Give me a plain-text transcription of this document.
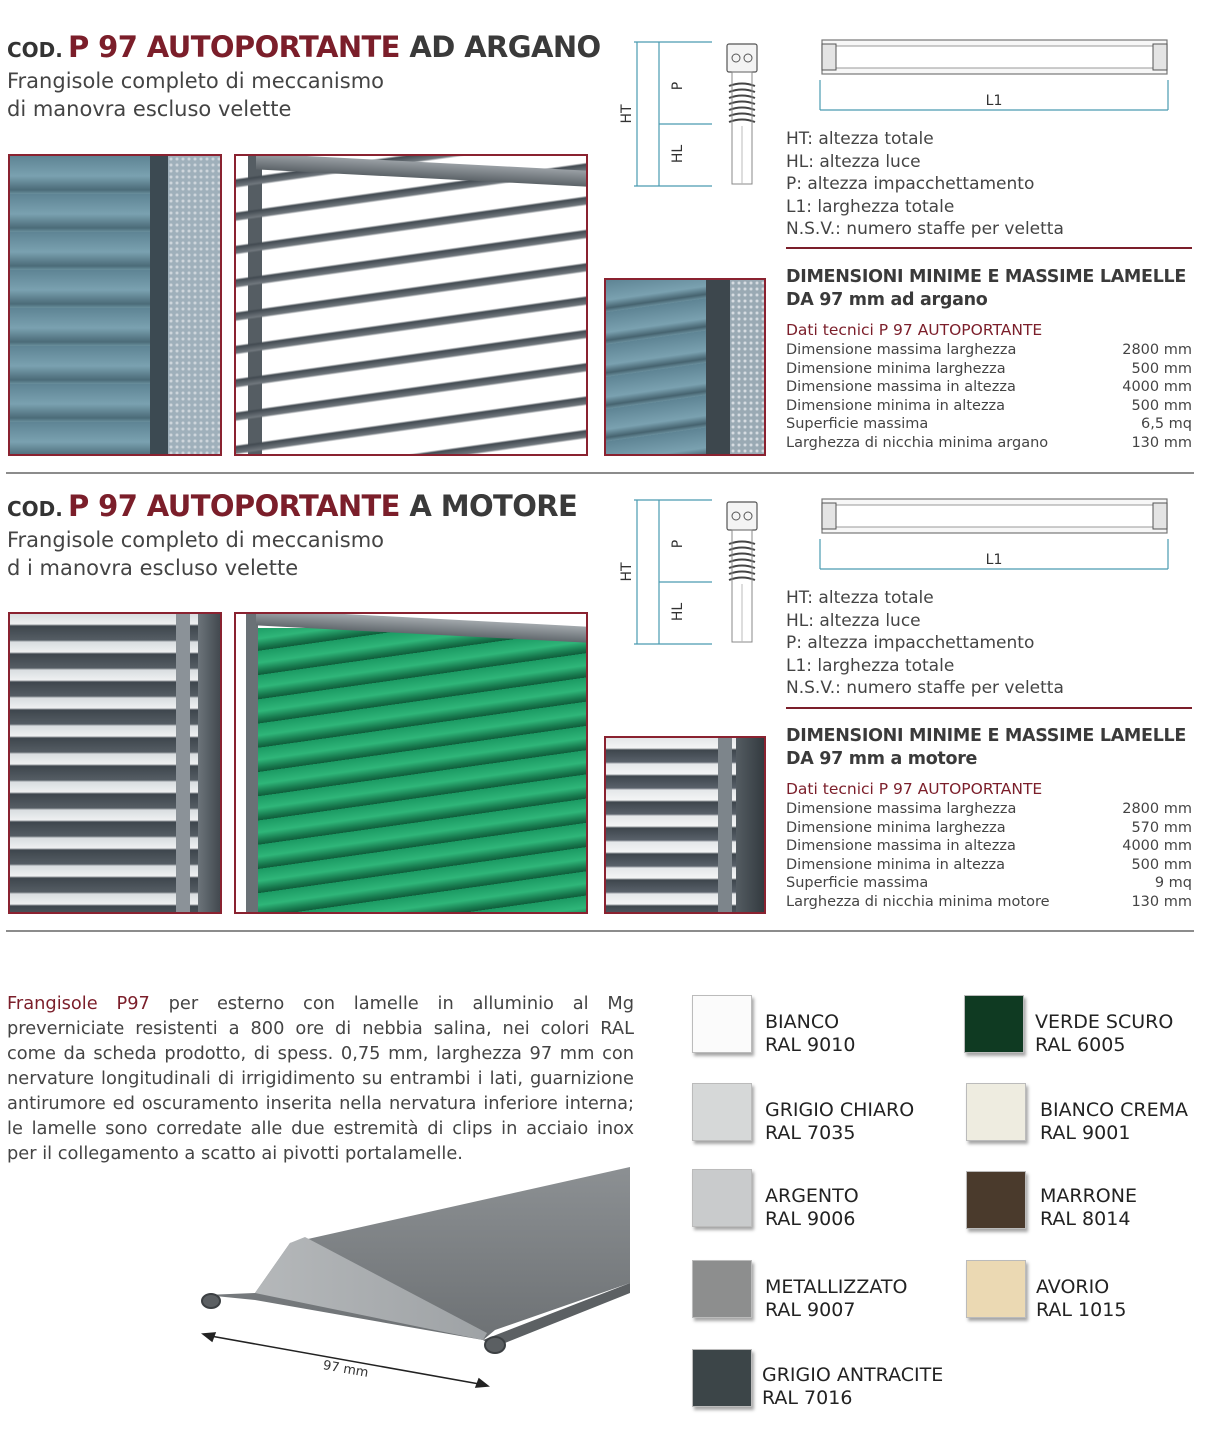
COD. P 97 AUTOPORTANTE AD ARGANO
Frangisole completo di meccanismo
di manovra escluso velette	HT
P
HL
L1
HT: altezza totale
HL: altezza luce
P: altezza impacchettamento
L1: larghezza totale
N.S.V.: numero staffe per veletta
DIMENSIONI MINIME E MASSIME LAMELLE
DA 97 mm ad argano
Dati tecnici P 97 AUTOPORTANTE
Dimensione massima larghezza	2800 mm
Dimensione minima larghezza	500 mm
Dimensione massima in altezza	4000 mm
Dimensione minima in altezza	500 mm
Superficie massima	6,5 mq
Larghezza di nicchia minima argano	130 mm
COD. P 97 AUTOPORTANTE A MOTORE
Frangisole completo di meccanismo
d i manovra escluso velette	HT
P
HL
L1
HT: altezza totale
HL: altezza luce
P: altezza impacchettamento
L1: larghezza totale
N.S.V.: numero staffe per veletta
DIMENSIONI MINIME E MASSIME LAMELLE
DA 97 mm a motore
Dati tecnici P 97 AUTOPORTANTE
Dimensione massima larghezza	2800 mm
Dimensione minima larghezza	570 mm
Dimensione massima in altezza	4000 mm
Dimensione minima in altezza	500 mm
Superficie massima	9 mq
Larghezza di nicchia minima motore	130 mm
Frangisole P97 per esterno con lamelle in alluminio al Mg preverniciate resistenti a 800 ore di nebbia salina, nei colori RAL come da scheda prodotto, di spess. 0,75 mm, larghezza 97 mm con nervature longitudinali di irrigidimento su entrambi i lati, guarnizione antirumore ed oscuramento inserita nella nervatura inferiore interna; le lamelle sono corredate alle due estremità di clips in acciaio inox per il collegamento a scatto ai pivotti portalamelle.
97 mm
BIANCO
RAL 9010
VERDE SCURO
RAL 6005
GRIGIO CHIARO
RAL 7035
BIANCO CREMA
RAL 9001
ARGENTO
RAL 9006
MARRONE
RAL 8014
METALLIZZATO
RAL 9007
AVORIO
RAL 1015
GRIGIO ANTRACITE
RAL 7016
